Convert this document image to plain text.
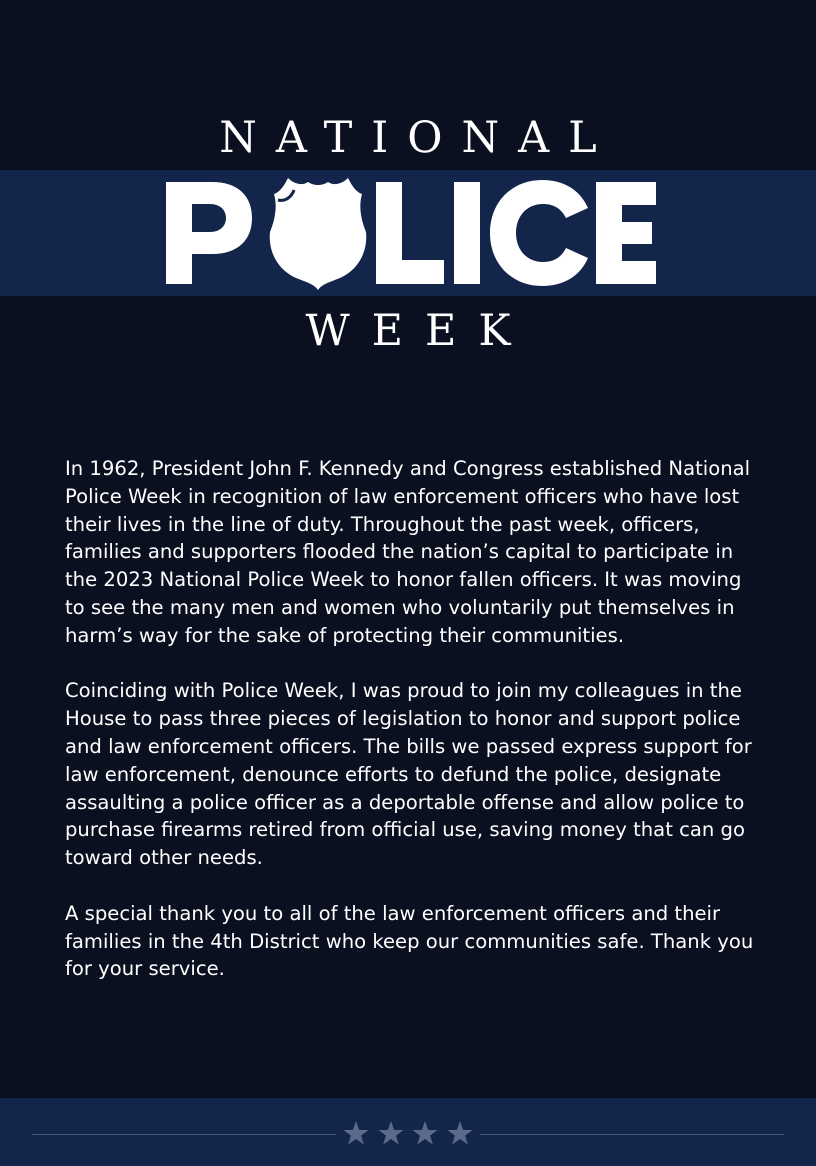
NATIONAL
WEEK

In 1962, President John F. Kennedy and Congress established National Police Week in recognition of law enforcement officers who have lost their lives in the line of duty. Throughout the past week, officers, families and supporters flooded the nation’s capital to participate in the 2023 National Police Week to honor fallen officers. It was moving to see the many men and women who voluntarily put themselves in harm’s way for the sake of protecting their communities.

Coinciding with Police Week, I was proud to join my colleagues in the House to pass three pieces of legislation to honor and support police and law enforcement officers. The bills we passed express support for law enforcement, denounce efforts to defund the police, designate assaulting a police officer as a deportable offense and allow police to purchase firearms retired from official use, saving money that can go toward other needs.

A special thank you to all of the law enforcement officers and their families in the 4th District who keep our communities safe. Thank you for your service.
